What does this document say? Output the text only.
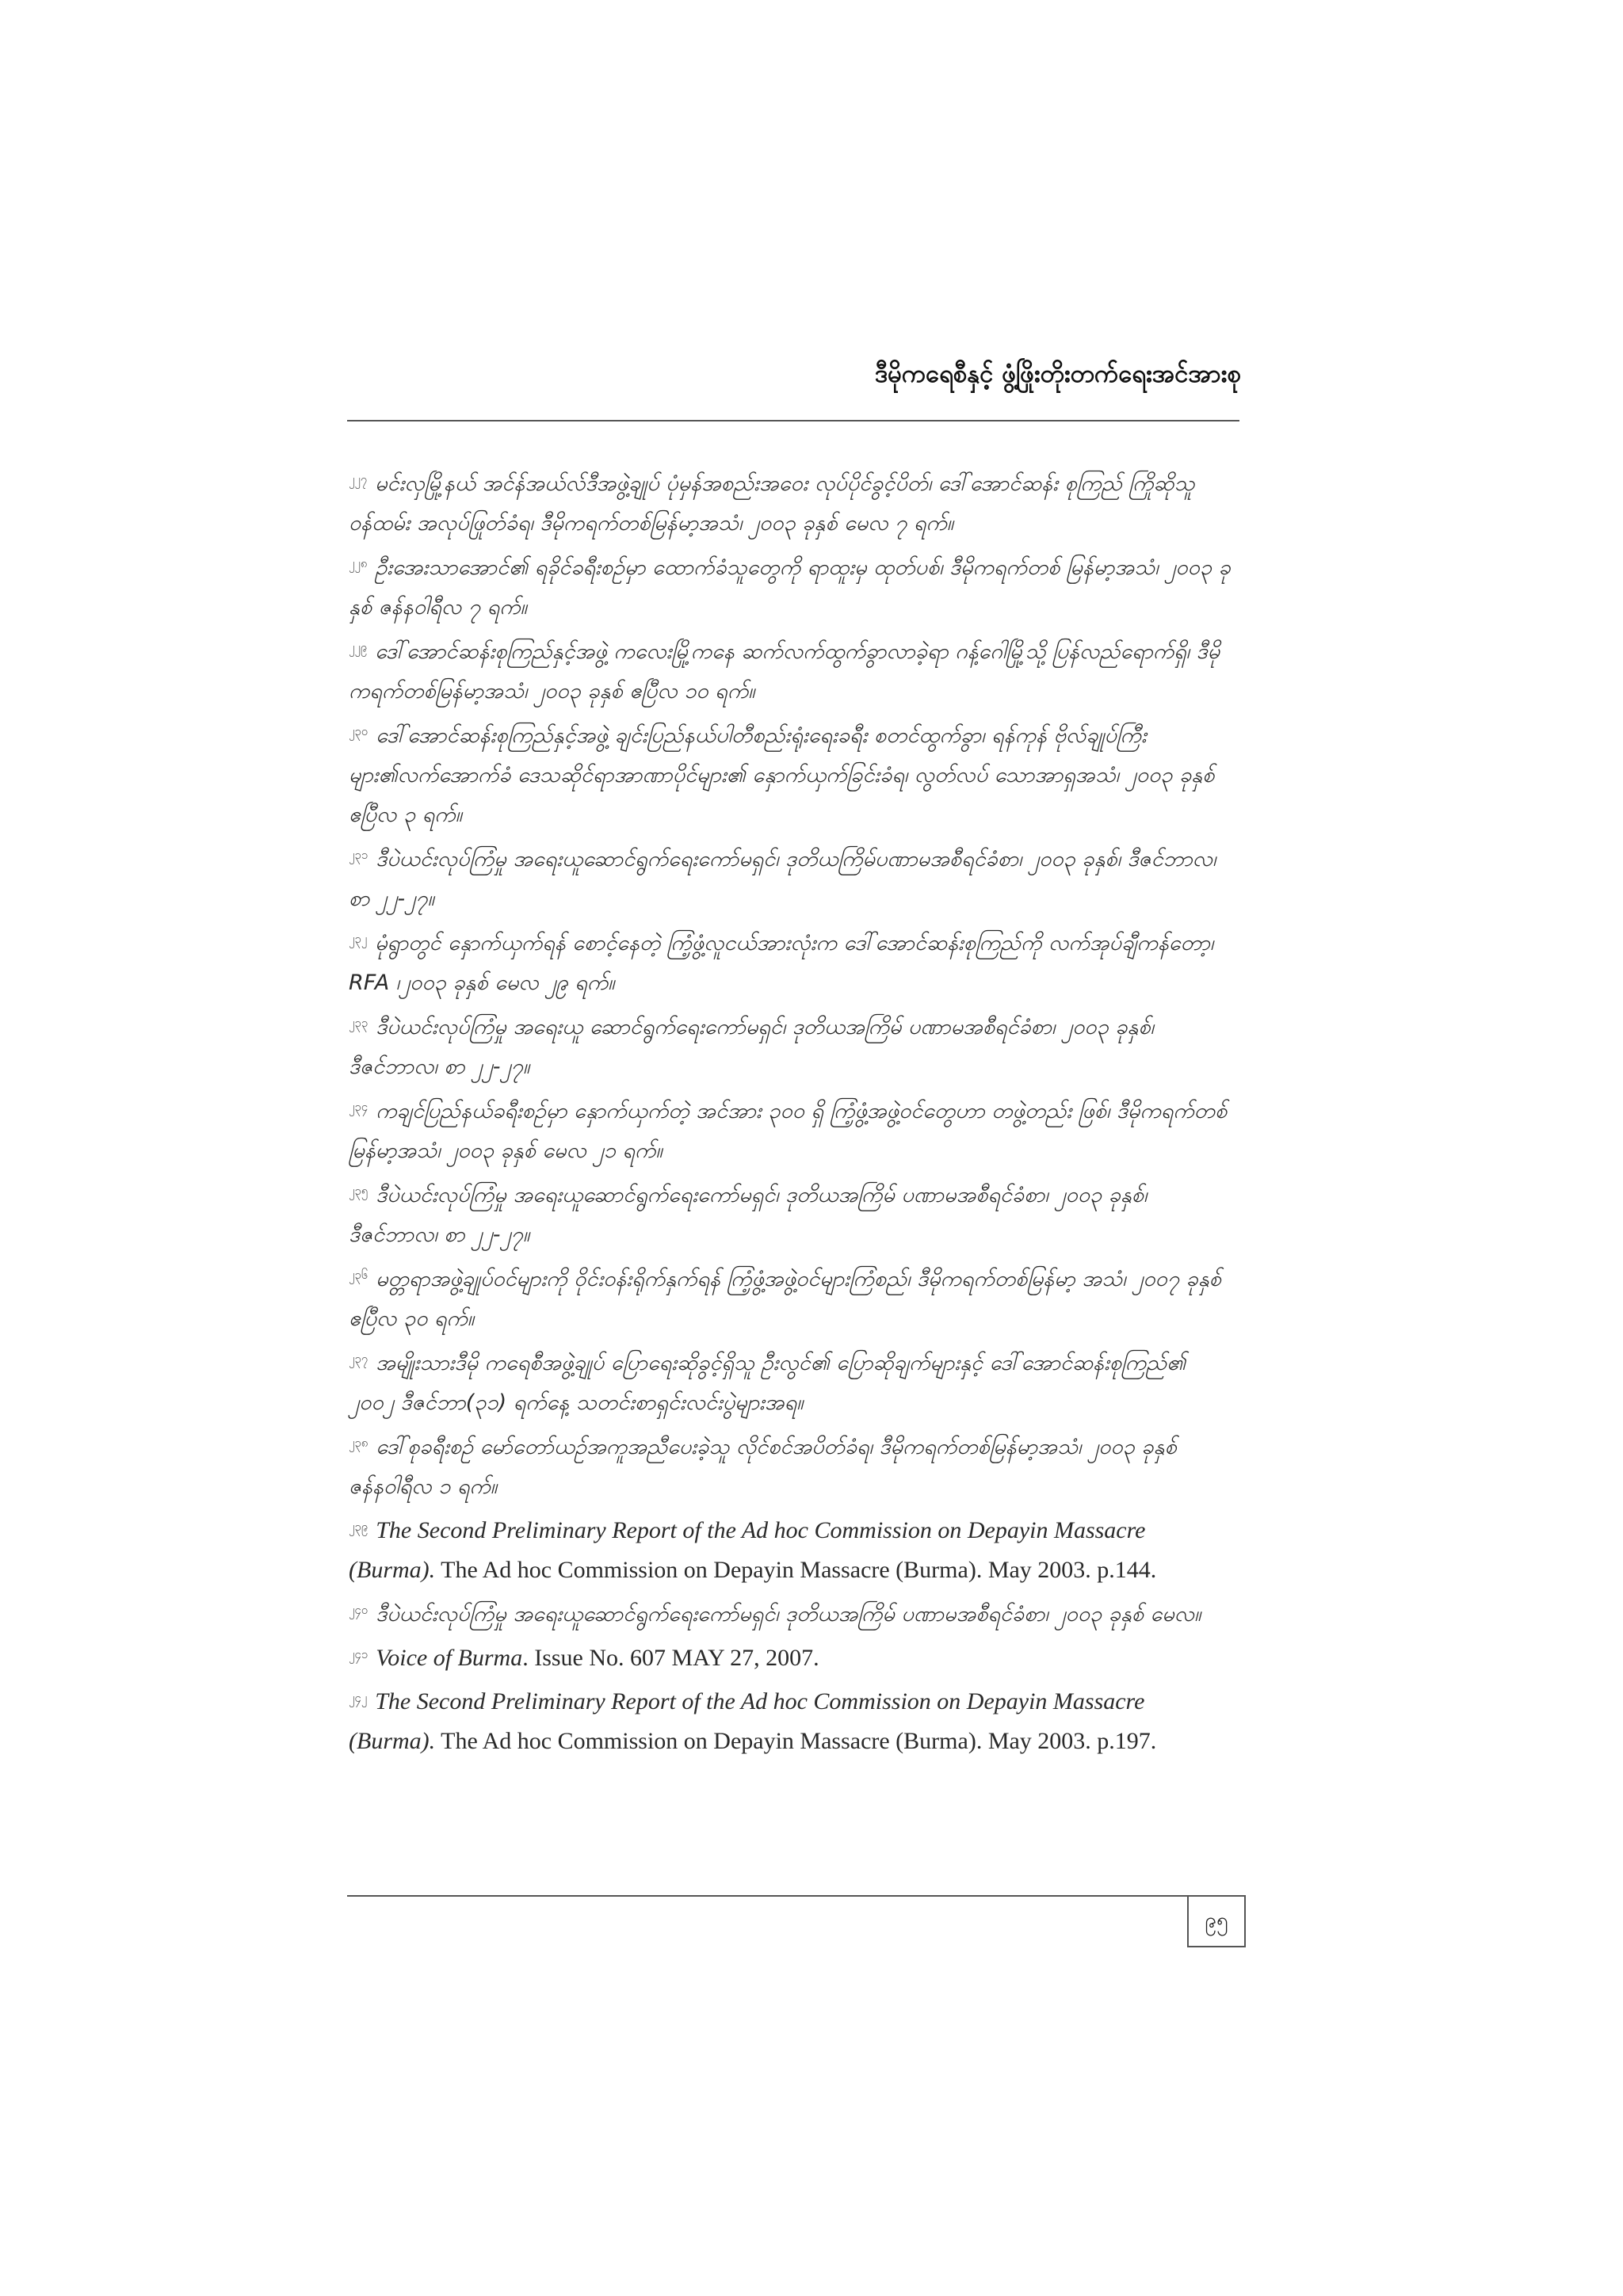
ဒီမိုကရေစီနှင့် ဖွံ့ဖြိုးတိုးတက်ရေးအင်အားစု
$^{၂၂၇}$ မင်းလှမြို့နယ် အင်န်အယ်လ်ဒီအဖွဲ့ချုပ် ပုံမှန်အစည်းအဝေး လုပ်ပိုင်ခွင့်ပိတ်၊ ဒေါ်အောင်ဆန်း စုကြည် ကြိုဆိုသူဝန်ထမ်း အလုပ်ဖြုတ်ခံရ၊ ဒီမိုကရက်တစ်မြန်မာ့အသံ၊ ၂၀၀၃ ခုနှစ် မေလ ၇ ရက်။
$^{၂၂၈}$ ဦးအေးသာအောင်၏ ရခိုင်ခရီးစဉ်မှာ ထောက်ခံသူတွေကို ရာထူးမှ ထုတ်ပစ်၊ ဒီမိုကရက်တစ် မြန်မာ့အသံ၊ ၂၀၀၃ ခုနှစ် ဇန်နဝါရီလ ၇ ရက်။
$^{၂၂၉}$ ဒေါ်အောင်ဆန်းစုကြည်နှင့်အဖွဲ့ ကလေးမြို့ကနေ ဆက်လက်ထွက်ခွာလာခဲ့ရာ ဂန့်ဂေါမြို့သို့ ပြန်လည်ရောက်ရှိ၊ ဒီမိုကရက်တစ်မြန်မာ့အသံ၊ ၂၀၀၃ ခုနှစ် ဧပြီလ ၁၀ ရက်။
$^{၂၃၀}$ ဒေါ်အောင်ဆန်းစုကြည်နှင့်အဖွဲ့ ချင်းပြည်နယ်ပါတီစည်းရုံးရေးခရီး စတင်ထွက်ခွာ၊ ရန်ကုန် ဗိုလ်ချုပ်ကြီးများ၏လက်အောက်ခံ ဒေသဆိုင်ရာအာဏာပိုင်များ၏ နှောက်ယှက်ခြင်းခံရ၊ လွတ်လပ် သောအာရှအသံ၊ ၂၀၀၃ ခုနှစ် ဧပြီလ ၃ ရက်။
$^{၂၃၁}$ ဒီပဲယင်းလုပ်ကြံမှု အရေးယူဆောင်ရွက်ရေးကော်မရှင်၊ ဒုတိယကြိမ်ပဏာမအစီရင်ခံစာ၊ ၂၀၀၃ ခုနှစ်၊ ဒီဇင်ဘာလ၊ စာ ၂၂-၂၇။
$^{၂၃၂}$ မုံရွာတွင် နှောက်ယှက်ရန် စောင့်နေတဲ့ ကြံ့ဖွံ့လူငယ်အားလုံးက ဒေါ်အောင်ဆန်းစုကြည်ကို လက်အုပ်ချီကန်တော့၊ RFA ၊၂၀၀၃ ခုနှစ် မေလ ၂၉ ရက်။
$^{၂၃၃}$ ဒီပဲယင်းလုပ်ကြံမှု အရေးယူ ဆောင်ရွက်ရေးကော်မရှင်၊ ဒုတိယအကြိမ် ပဏာမအစီရင်ခံစာ၊ ၂၀၀၃ ခုနှစ်၊ ဒီဇင်ဘာလ၊ စာ ၂၂-၂၇။
$^{၂၃၄}$ ကချင်ပြည်နယ်ခရီးစဉ်မှာ နှောက်ယှက်တဲ့ အင်အား ၃၀၀ ရှိ ကြံ့ဖွံ့အဖွဲ့ဝင်တွေဟာ တဖွဲ့တည်း ဖြစ်၊ ဒီမိုကရက်တစ်မြန်မာ့အသံ၊ ၂၀၀၃ ခုနှစ် မေလ ၂၁ ရက်။
$^{၂၃၅}$ ဒီပဲယင်းလုပ်ကြံမှု အရေးယူဆောင်ရွက်ရေးကော်မရှင်၊ ဒုတိယအကြိမ် ပဏာမအစီရင်ခံစာ၊ ၂၀၀၃ ခုနှစ်၊ ဒီဇင်ဘာလ၊ စာ ၂၂-၂၇။
$^{၂၃၆}$ မတ္တရာအဖွဲ့ချုပ်ဝင်များကို ဝိုင်းဝန်းရိုက်နှက်ရန် ကြံ့ဖွံ့အဖွဲ့ဝင်များကြံစည်၊ ဒီမိုကရက်တစ်မြန်မာ့ အသံ၊ ၂၀၀၇ ခုနှစ် ဧပြီလ ၃၀ ရက်။
$^{၂၃၇}$ အမျိုးသားဒီမို ကရေစီအဖွဲ့ချုပ် ပြောရေးဆိုခွင့်ရှိသူ ဦးလွင်၏ ပြောဆိုချက်များနှင့် ဒေါ်အောင်ဆန်းစုကြည်၏ ၂၀၀၂ ဒီဇင်ဘာ(၃၁) ရက်နေ့ သတင်းစာရှင်းလင်းပွဲများအရ။
$^{၂၃၈}$ ဒေါ်စုခရီးစဉ် မော်တော်ယဉ်အကူအညီပေးခဲ့သူ လိုင်စင်အပိတ်ခံရ၊ ဒီမိုကရက်တစ်မြန်မာ့အသံ၊ ၂၀၀၃ ခုနှစ် ဇန်နဝါရီလ ၁ ရက်။
$^{၂၃၉}$ The Second Preliminary Report of the Ad hoc Commission on Depayin Massacre (Burma). The Ad hoc Commission on Depayin Massacre (Burma). May 2003. p.144.
$^{၂၄၀}$ ဒီပဲယင်းလုပ်ကြံမှု အရေးယူဆောင်ရွက်ရေးကော်မရှင်၊ ဒုတိယအကြိမ် ပဏာမအစီရင်ခံစာ၊ ၂၀၀၃ ခုနှစ် မေလ။
$^{၂၄၁}$ Voice of Burma. Issue No. 607 MAY 27, 2007.
$^{၂၄၂}$ The Second Preliminary Report of the Ad hoc Commission on Depayin Massacre (Burma). The Ad hoc Commission on Depayin Massacre (Burma). May 2003. p.197.
၉၅
